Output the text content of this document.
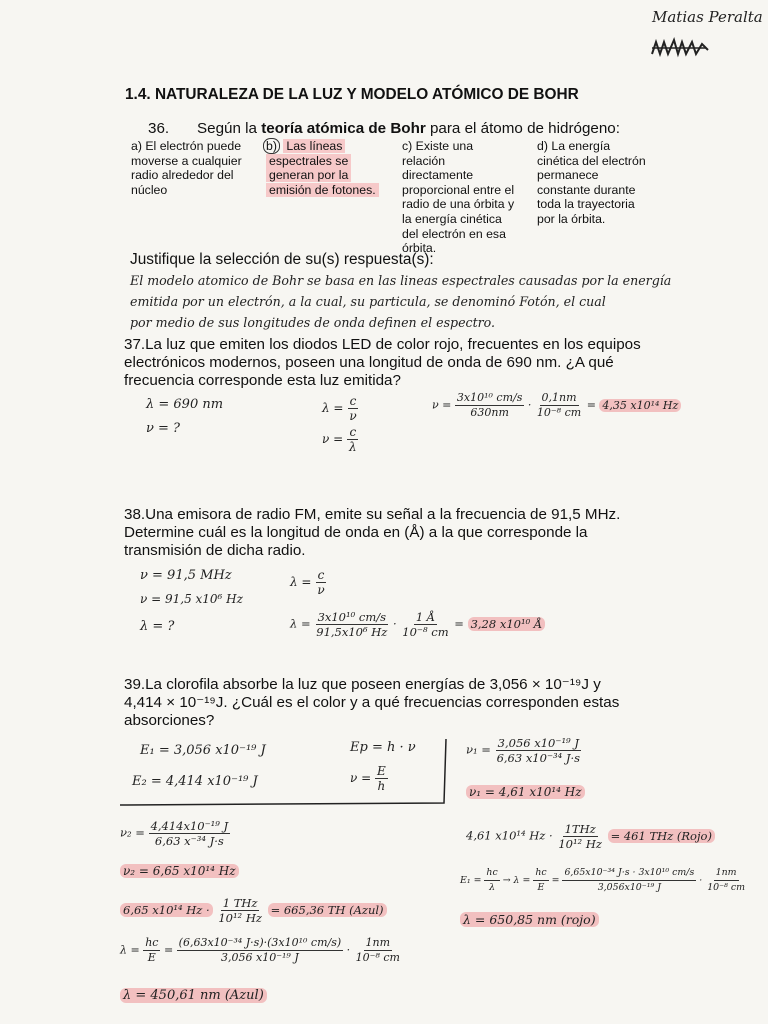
Matias Peralta
1.4. NATURALEZA DE LA LUZ Y MODELO ATÓMICO DE BOHR
36. Según la teoría atómica de Bohr para el átomo de hidrógeno:
a) El electrón puede
moverse a cualquier
radio alrededor del
núcleo
b) Las líneas
espectrales se
generan por la
emisión de fotones.
c) Existe una
relación
directamente
proporcional entre el
radio de una órbita y
la energía cinética
del electrón en esa
órbita.
d) La energía
cinética del electrón
permanece
constante durante
toda la trayectoria
por la órbita.
Justifique la selección de su(s) respuesta(s):
El modelo atomico de Bohr se basa en las lineas espectrales causadas por la energía
emitida por un electrón, a la cual, su particula, se denominó Fotón, el cual
por medio de sus longitudes de onda definen el espectro.
37.La luz que emiten los diodos LED de color rojo, frecuentes en los equipos
electrónicos modernos, poseen una longitud de onda de 690 nm. ¿A qué
frecuencia corresponde esta luz emitida?
λ = 690 nm
ν = ?
$\lambda = \frac{c}{\nu}$
$\nu = \frac{c}{\lambda}$
$\nu = \frac{\text{3x10¹⁰ cm/s}}{630nm} \cdot \frac{0,1nm}{\text{10⁻⁸ cm}} = 4,35$ x10¹⁴ Hz
38.Una emisora de radio FM, emite su señal a la frecuencia de 91,5 MHz.
Determine cuál es la longitud de onda en (Å) a la que corresponde la
transmisión de dicha radio.
ν = 91,5 MHz
ν = 91,5 x10⁶ Hz
λ = ?
$\lambda = \frac{c}{\nu}$
$\lambda = \frac{\text{3x10¹⁰ cm/s}}{\text{91,5x10⁶ Hz}} \cdot \frac{1 Å}{\text{10⁻⁸ cm}} = 3,28$ x10¹⁰ Å
39.La clorofila absorbe la luz que poseen energías de 3,056 × 10⁻¹⁹J y
4,414 × 10⁻¹⁹J. ¿Cuál es el color y a qué frecuencias corresponden estas
absorciones?
E₁ = 3,056 x10⁻¹⁹ J
E₂ = 4,414 x10⁻¹⁹ J
Ep = h · ν
$\nu = \frac{E}{h}$
$\nu_1 = \frac{\text{3,056 x10⁻¹⁹ J}}{\text{6,63 x10⁻³⁴ J·s}}$
ν₁ = 4,61 x10¹⁴ Hz
$\nu_2 = \frac{\text{4,414x10⁻¹⁹ J}}{\text{6,63 x⁻³⁴ J·s}}$
ν₂ = 6,65 x10¹⁴ Hz
6,65 x10¹⁴ $Hz \cdot \frac{\text{1 THz}}{\text{10¹² Hz}} = 665,36$ TH (Azul)
$\lambda = \frac{hc}{E} = \frac{\text{(6,63x10⁻³⁴ J·s)·(3x10¹⁰ cm/s)}}{\text{3,056 x10⁻¹⁹ J}} \cdot \frac{1nm}{\text{10⁻⁸ cm}}$
λ = 450,61 nm (Azul)
4,61 x10¹⁴ $Hz \cdot \frac{\text{1THz}}{\text{10¹² Hz}} = 461$ THz (Rojo)
$E_1 = \frac{hc}{\lambda} \to \lambda = \frac{hc}{E} = \frac{\text{6,65x10⁻³⁴ J·s · 3x10¹⁰ cm/s}}{\text{3,056x10⁻¹⁹ J}} \cdot \frac{1nm}{\text{10⁻⁸ cm}}$
λ = 650,85 nm (rojo)
